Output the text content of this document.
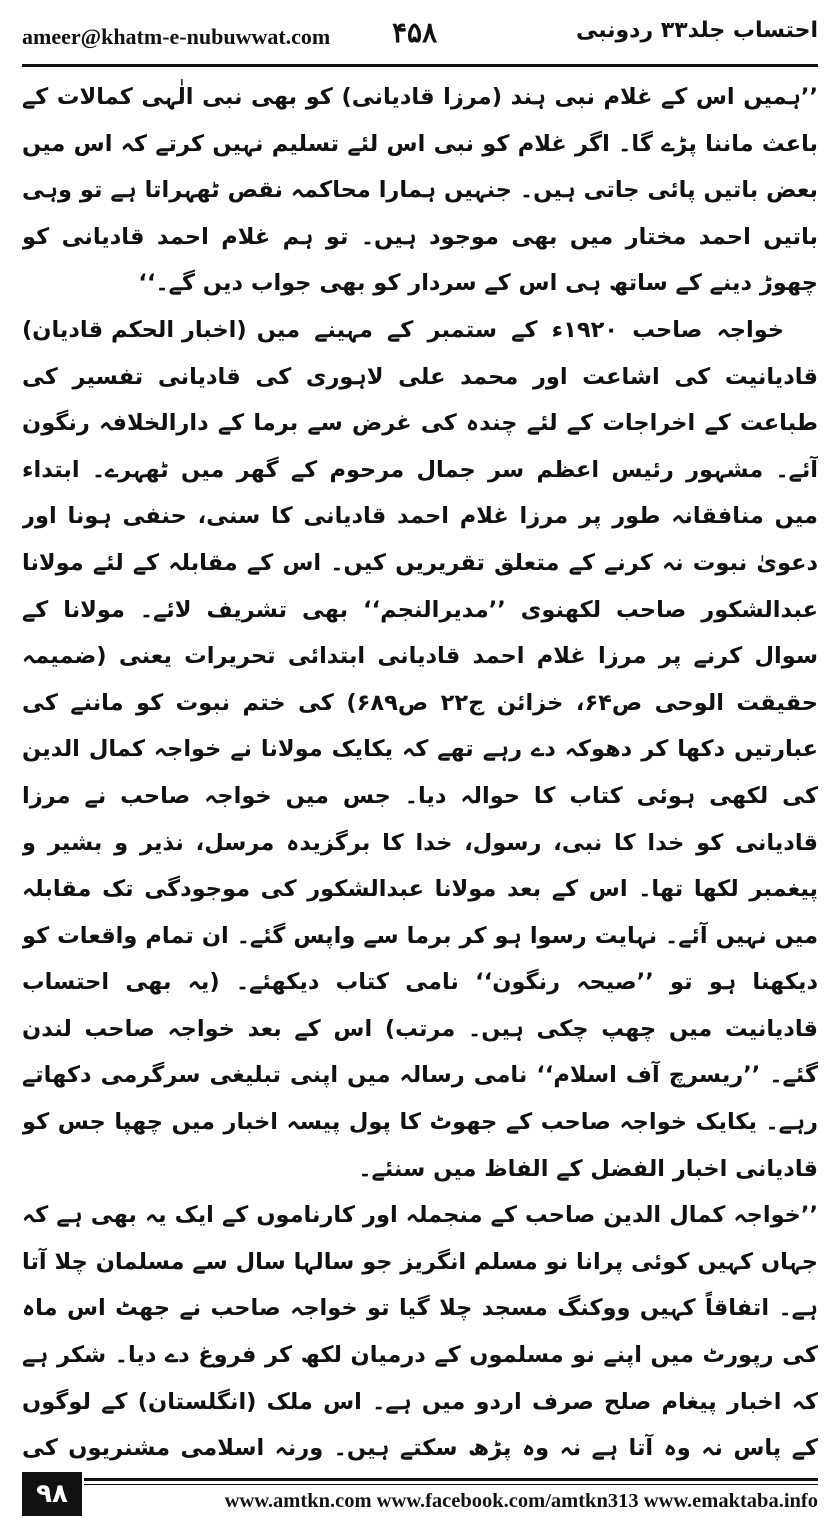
ameer@khatm-e-nubuwwat.com ۴۵۸	احتساب جلد۳۳ ردونبی

’’ہمیں اس کے غلام نبی ہند (مرزا قادیانی) کو بھی نبی الٰہی کمالات کے باعث ماننا پڑے گا۔ اگر غلام کو نبی اس لئے تسلیم نہیں کرتے کہ اس میں بعض باتیں پائی جاتی ہیں۔ جنہیں ہمارا محاکمہ نقص ٹھہراتا ہے تو وہی باتیں احمد مختار میں بھی موجود ہیں۔ تو ہم غلام احمد قادیانی کو چھوڑ دینے کے ساتھ ہی اس کے سردار کو بھی جواب دیں گے۔‘‘
(اخبار الحکم قادیان) خواجہ صاحب ۱۹۲۰ء کے ستمبر کے مہینے میں قادیانیت کی اشاعت اور محمد علی لاہوری کی قادیانی تفسیر کی طباعت کے اخراجات کے لئے چندہ کی غرض سے برما کے دارالخلافہ رنگون آئے۔ مشہور رئیس اعظم سر جمال مرحوم کے گھر میں ٹھہرے۔ ابتداء میں منافقانہ طور پر مرزا غلام احمد قادیانی کا سنی، حنفی ہونا اور دعویٰ نبوت نہ کرنے کے متعلق تقریریں کیں۔ اس کے مقابلہ کے لئے مولانا عبدالشکور صاحب لکھنوی ’’مدیرالنجم‘‘ بھی تشریف لائے۔ مولانا کے سوال کرنے پر مرزا غلام احمد قادیانی ابتدائی تحریرات یعنی (ضمیمہ حقیقت الوحی ص۶۴، خزائن ج۲۲ ص۶۸۹) کی ختم نبوت کو ماننے کی عبارتیں دکھا کر دھوکہ دے رہے تھے کہ یکایک مولانا نے خواجہ کمال الدین کی لکھی ہوئی کتاب کا حوالہ دیا۔ جس میں خواجہ صاحب نے مرزا قادیانی کو خدا کا نبی، رسول، خدا کا برگزیدہ مرسل، نذیر و بشیر و پیغمبر لکھا تھا۔ اس کے بعد مولانا عبدالشکور کی موجودگی تک مقابلہ میں نہیں آئے۔ نہایت رسوا ہو کر برما سے واپس گئے۔ ان تمام واقعات کو دیکھنا ہو تو ’’صیحہ رنگون‘‘ نامی کتاب دیکھئے۔ (یہ بھی احتساب قادیانیت میں چھپ چکی ہیں۔ مرتب) اس کے بعد خواجہ صاحب لندن گئے۔ ’’ریسرچ آف اسلام‘‘ نامی رسالہ میں اپنی تبلیغی سرگرمی دکھاتے رہے۔ یکایک خواجہ صاحب کے جھوٹ کا پول پیسہ اخبار میں چھپا جس کو قادیانی اخبار الفضل کے الفاظ میں سنئے۔

’’خواجہ کمال الدین صاحب کے منجملہ اور کارناموں کے ایک یہ بھی ہے کہ جہاں کہیں کوئی پرانا نو مسلم انگریز جو سالہا سال سے مسلمان چلا آتا ہے۔ اتفاقاً کہیں ووکنگ مسجد چلا گیا تو خواجہ صاحب نے جھٹ اس ماہ کی رپورٹ میں اپنے نو مسلموں کے درمیان لکھ کر فروغ دے دیا۔ شکر ہے کہ اخبار پیغام صلح صرف اردو میں ہے۔ اس ملک (انگلستان) کے لوگوں کے پاس نہ وہ آتا ہے نہ وہ پڑھ سکتے ہیں۔ ورنہ اسلامی مشنریوں کی

۹۸	www.amtkn.com www.facebook.com/amtkn313 www.emaktaba.info
